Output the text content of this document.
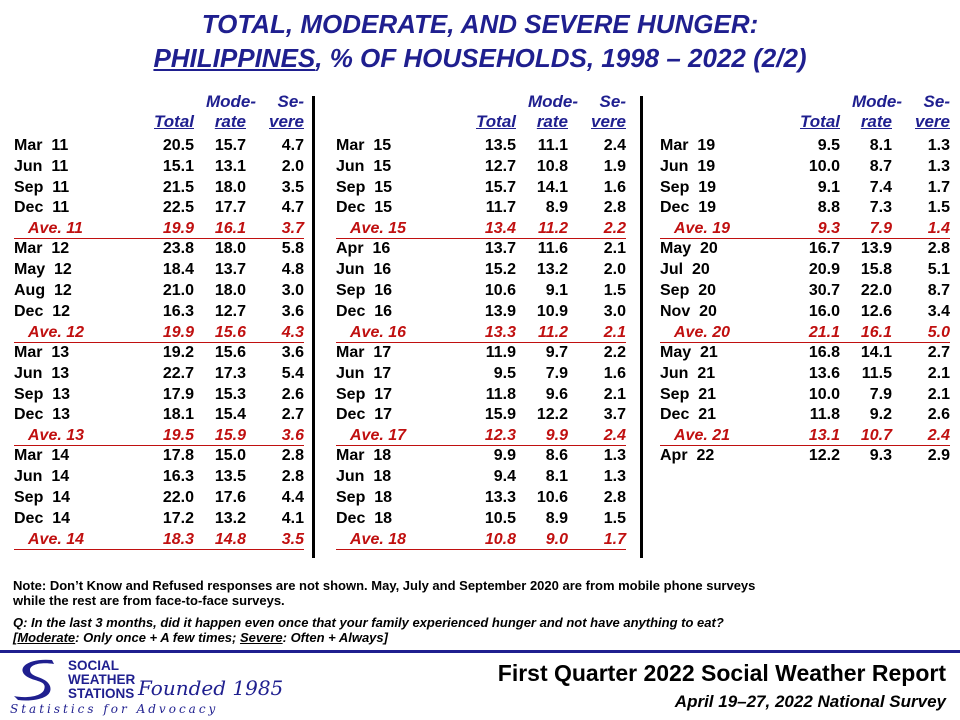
TOTAL, MODERATE, AND SEVERE HUNGER:
PHILIPPINES, % OF HOUSEHOLDS, 1998 – 2022 (2/2)
Mode- Se-
Total rate vere
Mar  11	20.5 15.7 4.7
Jun  11	15.1 13.1 2.0
Sep  11	21.5 18.0 3.5
Dec  11	22.5 17.7 4.7
Ave. 11	19.9 16.1 3.7
Mar  12	23.8 18.0 5.8
May  12	18.4 13.7 4.8
Aug  12	21.0 18.0 3.0
Dec  12	16.3 12.7 3.6
Ave. 12	19.9 15.6 4.3
Mar  13	19.2 15.6 3.6
Jun  13	22.7 17.3 5.4
Sep  13	17.9 15.3 2.6
Dec  13	18.1 15.4 2.7
Ave. 13	19.5 15.9 3.6
Mar  14	17.8 15.0 2.8
Jun  14	16.3 13.5 2.8
Sep  14	22.0 17.6 4.4
Dec  14	17.2 13.2 4.1
Ave. 14	18.3 14.8 3.5
Mode- Se-
Total rate vere
Mar  15	13.5 11.1 2.4
Jun  15	12.7 10.8 1.9
Sep  15	15.7 14.1 1.6
Dec  15	11.7 8.9 2.8
Ave. 15	13.4 11.2 2.2
Apr  16	13.7 11.6 2.1
Jun  16	15.2 13.2 2.0
Sep  16	10.6 9.1 1.5
Dec  16	13.9 10.9 3.0
Ave. 16	13.3 11.2 2.1
Mar  17	11.9 9.7 2.2
Jun  17	9.5 7.9 1.6
Sep  17	11.8 9.6 2.1
Dec  17	15.9 12.2 3.7
Ave. 17	12.3 9.9 2.4
Mar  18	9.9 8.6 1.3
Jun  18	9.4 8.1 1.3
Sep  18	13.3 10.6 2.8
Dec  18	10.5 8.9 1.5
Ave. 18	10.8 9.0 1.7
Mode- Se-
Total rate vere
Mar  19	9.5 8.1 1.3
Jun  19	10.0 8.7 1.3
Sep  19	9.1 7.4 1.7
Dec  19	8.8 7.3 1.5
Ave. 19	9.3 7.9 1.4
May  20	16.7 13.9 2.8
Jul  20	20.9 15.8 5.1
Sep  20	30.7 22.0 8.7
Nov  20	16.0 12.6 3.4
Ave. 20	21.1 16.1 5.0
May  21	16.8 14.1 2.7
Jun  21	13.6 11.5 2.1
Sep  21	10.0 7.9 2.1
Dec  21	11.8 9.2 2.6
Ave. 21	13.1 10.7 2.4
Apr  22	12.2 9.3 2.9
Note: Don’t Know and Refused responses are not shown. May, July and September 2020 are from mobile phone surveys
while the rest are from face-to-face surveys.
Q: In the last 3 months, did it happen even once that your family experienced hunger and not have anything to eat?
[Moderate: Only once + A few times; Severe: Often + Always]
SOCIAL
WEATHER
STATIONS Founded 1985
Statistics for Advocacy
First Quarter 2022 Social Weather Report
April 19–27, 2022 National Survey
